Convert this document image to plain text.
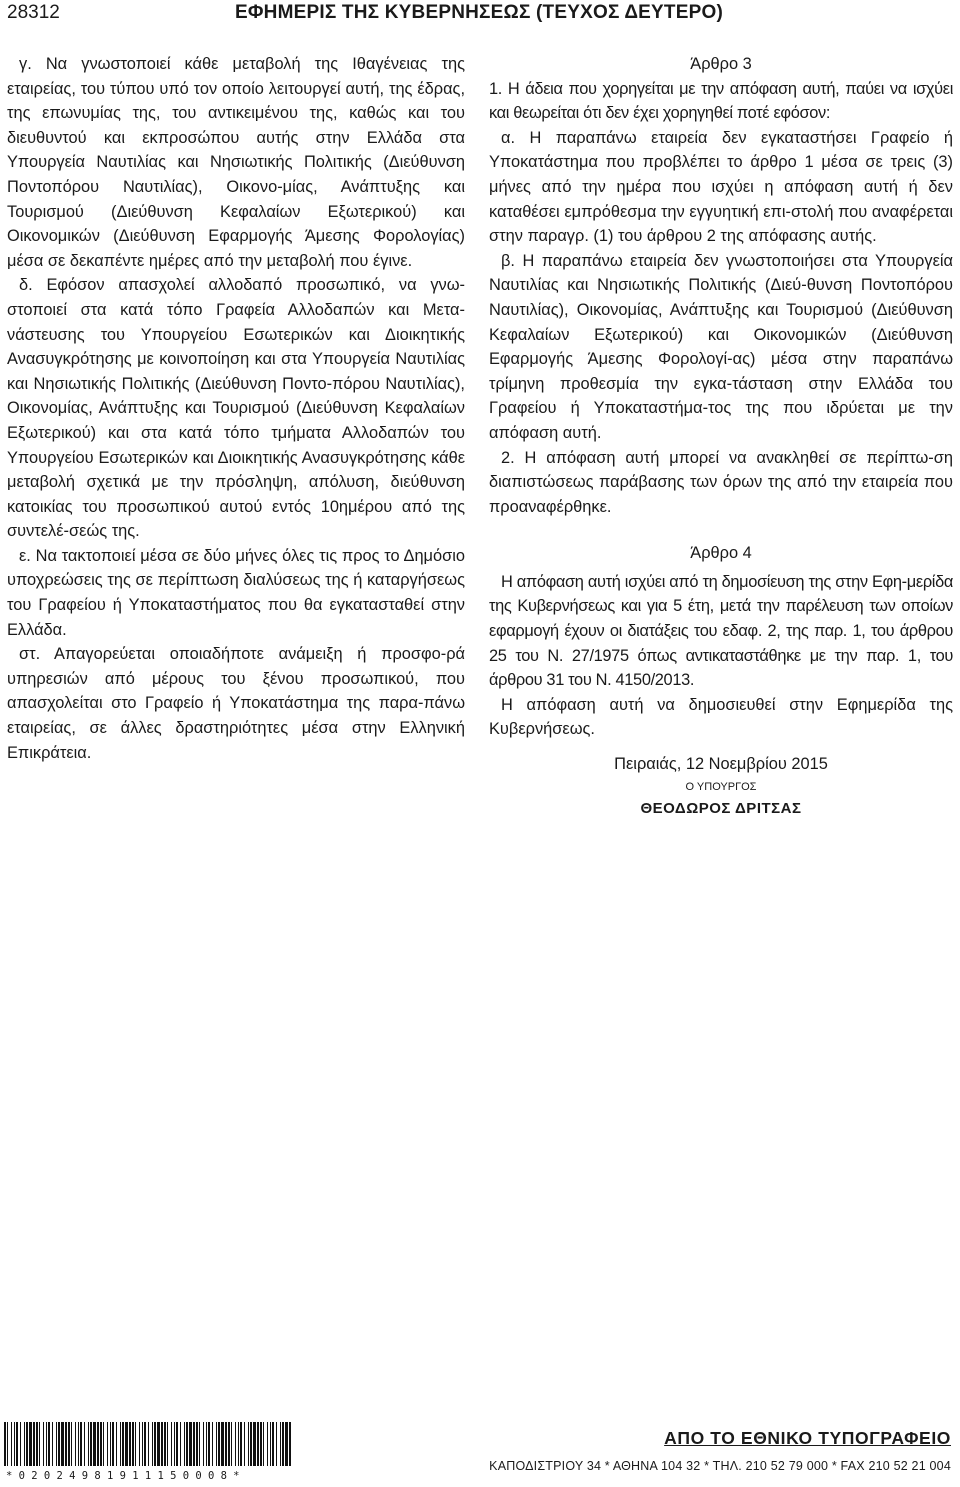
28312	ΕΦΗΜΕΡΙΣ ΤΗΣ ΚΥΒΕΡΝΗΣΕΩΣ (ΤΕΥΧΟΣ ΔΕΥΤΕΡΟ)

γ. Να γνωστοποιεί κάθε μεταβολή της Ιθαγένειας της εταιρείας, του τύπου υπό τον οποίο λειτουργεί αυτή, της έδρας, της επωνυμίας της, του αντικειμένου της, καθώς και του διευθυντού και εκπροσώπου αυτής στην Ελλάδα στα Υπουργεία Ναυτιλίας και Νησιωτικής Πολιτικής (Διεύθυνση Ποντοπόρου Ναυτιλίας), Οικονο-μίας, Ανάπτυξης και Τουρισμού (Διεύθυνση Κεφαλαίων Εξωτερικού) και Οικονομικών (Διεύθυνση Εφαρμογής Άμεσης Φορολογίας) μέσα σε δεκαπέντε ημέρες από την μεταβολή που έγινε.

δ. Εφόσον απασχολεί αλλοδαπό προσωπικό, να γνω-στοποιεί στα κατά τόπο Γραφεία Αλλοδαπών και Μετα-νάστευσης του Υπουργείου Εσωτερικών και Διοικητικής Ανασυγκρότησης με κοινοποίηση και στα Υπουργεία Ναυτιλίας και Νησιωτικής Πολιτικής (Διεύθυνση Ποντο-πόρου Ναυτιλίας), Οικονομίας, Ανάπτυξης και Τουρισμού (Διεύθυνση Κεφαλαίων Εξωτερικού) και στα κατά τόπο τμήματα Αλλοδαπών του Υπουργείου Εσωτερικών και Διοικητικής Ανασυγκρότησης κάθε μεταβολή σχετικά με την πρόσληψη, απόλυση, διεύθυνση κατοικίας του προσωπικού αυτού εντός 10ημέρου από της συντελέ-σεώς της.

ε. Να τακτοποιεί μέσα σε δύο μήνες όλες τις προς το Δημόσιο υποχρεώσεις της σε περίπτωση διαλύσεως της ή καταργήσεως του Γραφείου ή Υποκαταστήματος που θα εγκατασταθεί στην Ελλάδα.

στ. Απαγορεύεται οποιαδήποτε ανάμειξη ή προσφο-ρά υπηρεσιών από μέρους του ξένου προσωπικού, που απασχολείται στο Γραφείο ή Υποκατάστημα της παρα-πάνω εταιρείας, σε άλλες δραστηριότητες μέσα στην Ελληνική Επικράτεια.

Άρθρο 3

1. Η άδεια που χορηγείται με την απόφαση αυτή, παύει να ισχύει και θεωρείται ότι δεν έχει χορηγηθεί ποτέ εφόσον:

α. Η παραπάνω εταιρεία δεν εγκαταστήσει Γραφείο ή Υποκατάστημα που προβλέπει το άρθρο 1 μέσα σε τρεις (3) μήνες από την ημέρα που ισχύει η απόφαση αυτή ή δεν καταθέσει εμπρόθεσμα την εγγυητική επι-στολή που αναφέρεται στην παραγρ. (1) του άρθρου 2 της απόφασης αυτής.

β. Η παραπάνω εταιρεία δεν γνωστοποιήσει στα Υπουργεία Ναυτιλίας και Νησιωτικής Πολιτικής (Διεύ-θυνση Ποντοπόρου Ναυτιλίας), Οικονομίας, Ανάπτυξης και Τουρισμού (Διεύθυνση Κεφαλαίων Εξωτερικού) και Οικονομικών (Διεύθυνση Εφαρμογής Άμεσης Φορολογί-ας) μέσα στην παραπάνω τρίμηνη προθεσμία την εγκα-τάσταση στην Ελλάδα του Γραφείου ή Υποκαταστήμα-τος της που ιδρύεται με την απόφαση αυτή.

2. Η απόφαση αυτή μπορεί να ανακληθεί σε περίπτω-ση διαπιστώσεως παράβασης των όρων της από την εταιρεία που προαναφέρθηκε.

Άρθρο 4

Η απόφαση αυτή ισχύει από τη δημοσίευση της στην Εφη-μερίδα της Κυβερνήσεως και για 5 έτη, μετά την παρέλευση των οποίων εφαρμογή έχουν οι διατάξεις του εδαφ. 2, της παρ. 1, του άρθρου 25 του Ν. 27/1975 όπως αντικαταστάθηκε με την παρ. 1, του άρθρου 31 του Ν. 4150/2013.

Η απόφαση αυτή να δημοσιευθεί στην Εφημερίδα της Κυβερνήσεως.

Πειραιάς, 12 Νοεμβρίου 2015

Ο ΥΠΟΥΡΓΟΣ

ΘΕΟΔΩΡΟΣ ΔΡΙΤΣΑΣ

*02024981911150008*
ΑΠΟ ΤΟ ΕΘΝΙΚΟ ΤΥΠΟΓΡΑΦΕΙΟ
ΚΑΠΟΔΙΣΤΡΙΟΥ 34 * ΑΘΗΝΑ 104 32 * ΤΗΛ. 210 52 79 000 * FAX 210 52 21 004
